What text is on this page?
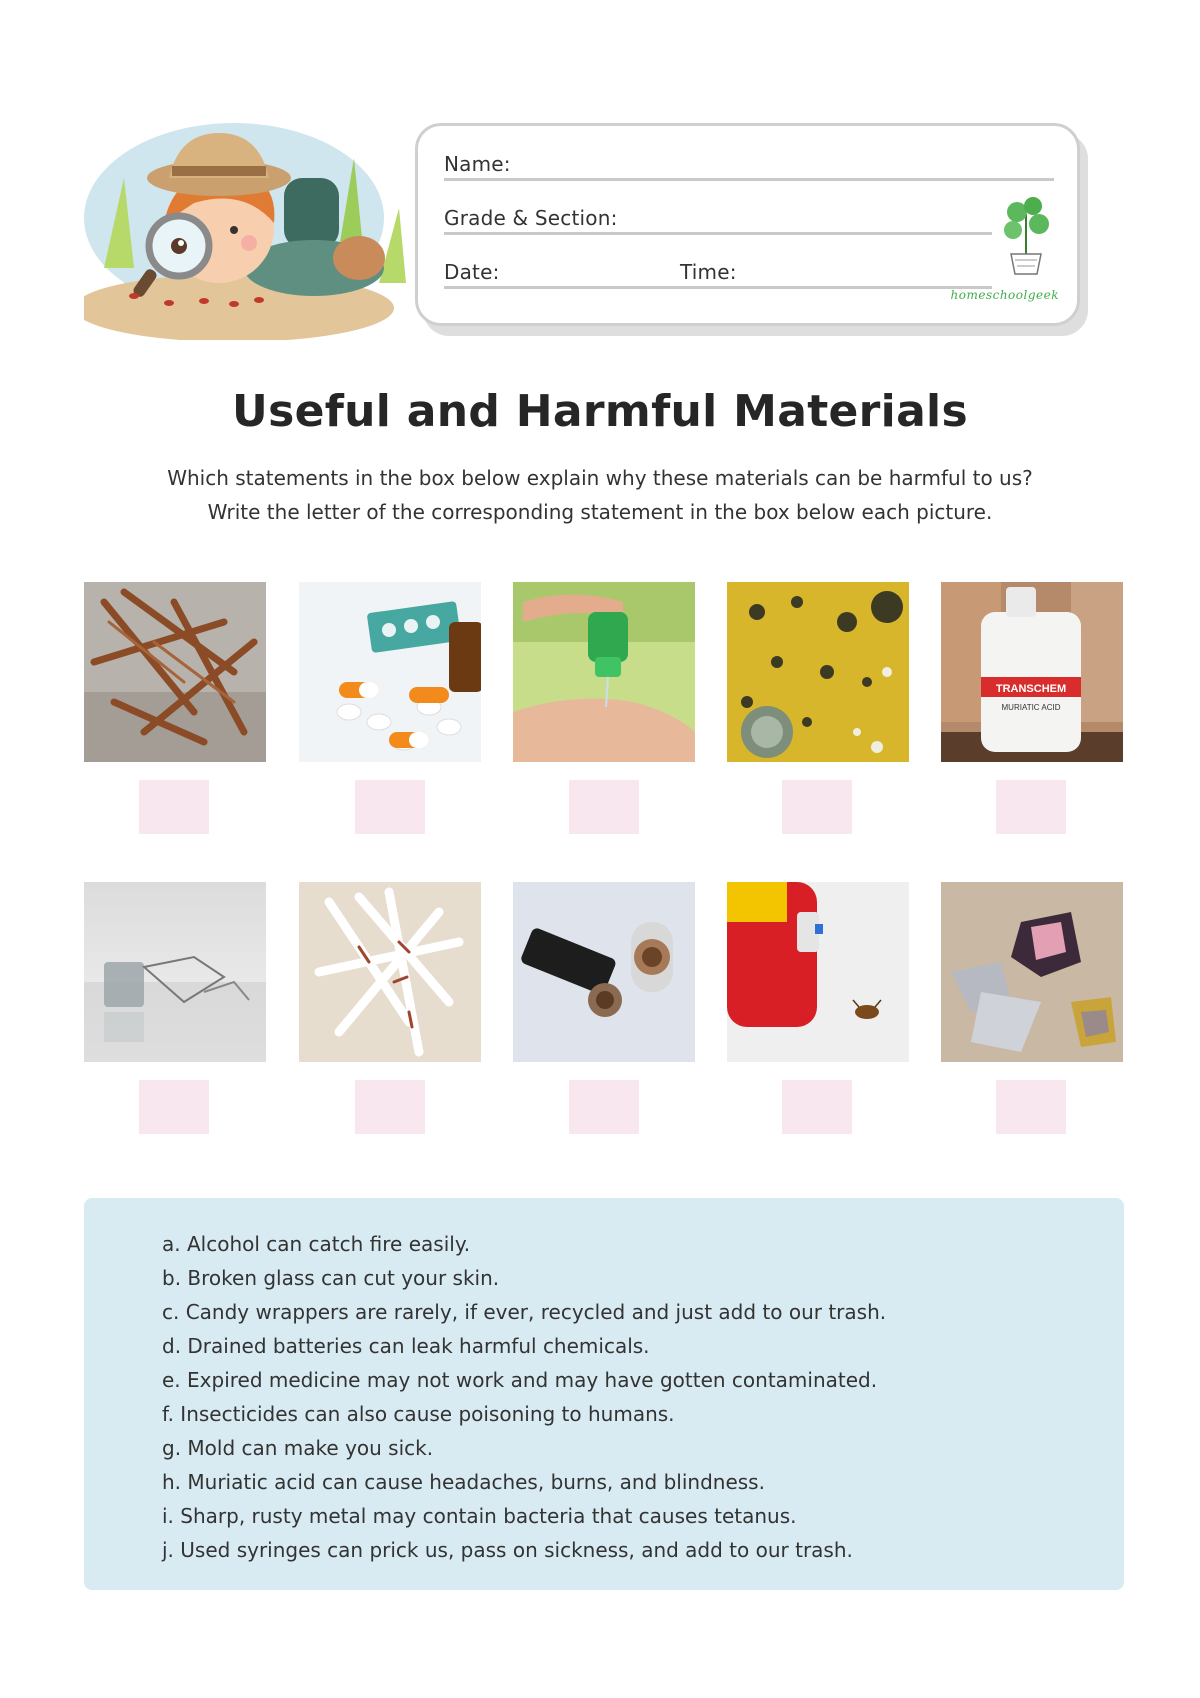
Name:
Grade & Section:
Date:	Time:
homeschoolgeek
Useful and Harmful Materials
Which statements in the box below explain why these materials can be harmful to us?
Write the letter of the corresponding statement in the box below each picture.
TRANSCHEM
MURIATIC ACID
a. Alcohol can catch fire easily.
b. Broken glass can cut your skin.
c. Candy wrappers are rarely, if ever, recycled and just add to our trash.
d. Drained batteries can leak harmful chemicals.
e. Expired medicine may not work and may have gotten contaminated.
f. Insecticides can also cause poisoning to humans.
g. Mold can make you sick.
h. Muriatic acid can cause headaches, burns, and blindness.
i. Sharp, rusty metal may contain bacteria that causes tetanus.
j. Used syringes can prick us, pass on sickness, and add to our trash.
